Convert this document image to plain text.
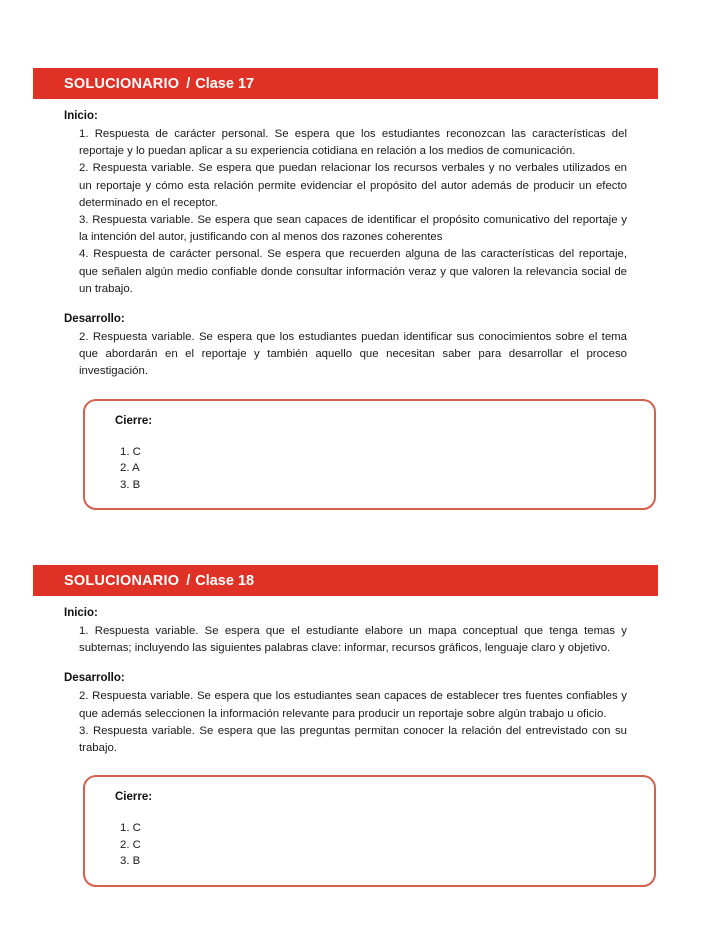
SOLUCIONARIO / Clase 17
Inicio:

1. Respuesta de carácter personal. Se espera que los estudiantes reconozcan las características del reportaje y lo puedan aplicar a su experiencia cotidiana en relación a los medios de comunicación.

2. Respuesta variable. Se espera que puedan relacionar los recursos verbales y no verbales utilizados en un reportaje y cómo esta relación permite evidenciar el propósito del autor además de producir un efecto determinado en el receptor.

3. Respuesta variable. Se espera que sean capaces de identificar el propósito comunicativo del reportaje y la intención del autor, justificando con al menos dos razones coherentes

4. Respuesta de carácter personal. Se espera que recuerden alguna de las características del reportaje, que señalen algún medio confiable donde consultar información veraz y que valoren la relevancia social de un trabajo.

Desarrollo:

2. Respuesta variable. Se espera que los estudiantes puedan identificar sus conocimientos sobre el tema que abordarán en el reportaje y también aquello que necesitan saber para desarrollar el proceso investigación.

Cierre:
1. C
2. A
3. B
SOLUCIONARIO / Clase 18
Inicio:

1. Respuesta variable. Se espera que el estudiante elabore un mapa conceptual que tenga temas y subtemas; incluyendo las siguientes palabras clave: informar, recursos gráficos, lenguaje claro y objetivo.

Desarrollo:

2. Respuesta variable. Se espera que los estudiantes sean capaces de establecer tres fuentes confiables y que además seleccionen la información relevante para producir un reportaje sobre algún trabajo u oficio.

3. Respuesta variable. Se espera que las preguntas permitan conocer la relación del entrevistado con su trabajo.

Cierre:
1. C
2. C
3. B
